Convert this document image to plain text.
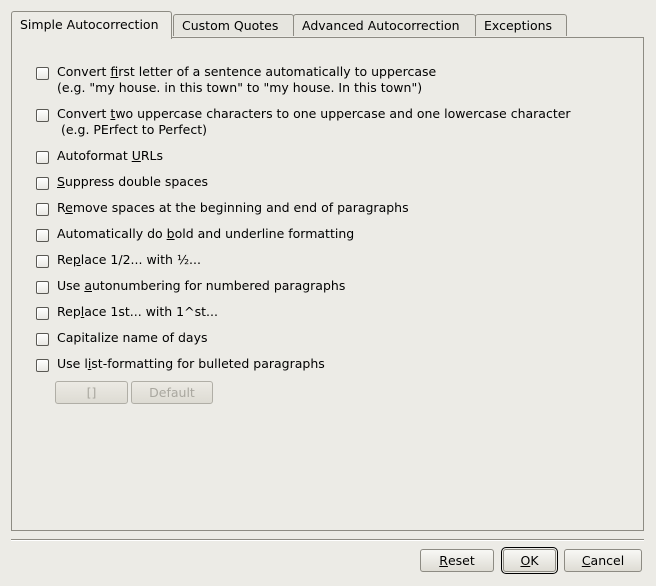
Simple Autocorrection Custom Quotes Advanced Autocorrection Exceptions
Convert first letter of a sentence automatically to uppercase
(e.g. "my house. in this town" to "my house. In this town")
Convert two uppercase characters to one uppercase and one lowercase character
(e.g. PErfect to Perfect)
Autoformat URLs
Suppress double spaces
Remove spaces at the beginning and end of paragraphs
Automatically do bold and underline formatting
Replace 1/2... with ½...
Use autonumbering for numbered paragraphs
Replace 1st... with 1^st...
Capitalize name of days
Use list-formatting for bulleted paragraphs
[]	Default
R eset	O K	C ancel
